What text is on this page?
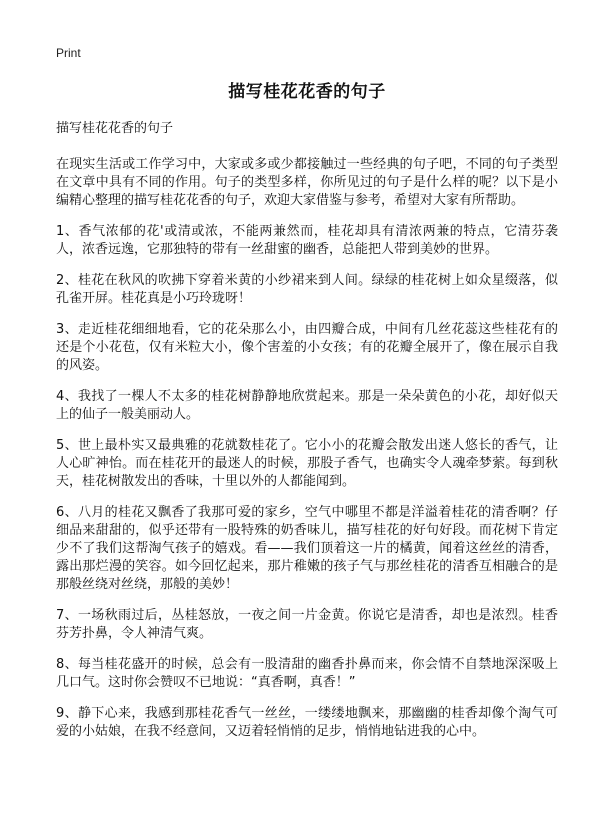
Print
描写桂花花香的句子
描写桂花花香的句子

在现实生活或工作学习中，大家或多或少都接触过一些经典的句子吧，不同的句子类型在文章中具有不同的作用。句子的类型多样，你所见过的句子是什么样的呢？以下是小编精心整理的描写桂花花香的句子，欢迎大家借鉴与参考，希望对大家有所帮助。

1、香气浓郁的花'或清或浓，不能两兼然而，桂花却具有清浓两兼的特点，它清芬袭人，浓香远逸，它那独特的带有一丝甜蜜的幽香，总能把人带到美妙的世界。

2、桂花在秋风的吹拂下穿着米黄的小纱裙来到人间。绿绿的桂花树上如众星缀落，似孔雀开屏。桂花真是小巧玲珑呀！

3、走近桂花细细地看，它的花朵那么小，由四瓣合成，中间有几丝花蕊这些桂花有的还是个小花苞，仅有米粒大小，像个害羞的小女孩；有的花瓣全展开了，像在展示自我的风姿。

4、我找了一棵人不太多的桂花树静静地欣赏起来。那是一朵朵黄色的小花，却好似天上的仙子一般美丽动人。

5、世上最朴实又最典雅的花就数桂花了。它小小的花瓣会散发出迷人悠长的香气，让人心旷神怡。而在桂花开的最迷人的时候，那股子香气，也确实令人魂牵梦萦。每到秋天，桂花树散发出的香味，十里以外的人都能闻到。

6、八月的桂花又飘香了我那可爱的家乡，空气中哪里不都是洋溢着桂花的清香啊？仔细品来甜甜的，似乎还带有一股特殊的奶香味儿，描写桂花的好句好段。而花树下肯定少不了我们这帮淘气孩子的嬉戏。看——我们顶着这一片的橘黄，闻着这丝丝的清香，露出那烂漫的笑容。如今回忆起来，那片稚嫩的孩子气与那丝桂花的清香互相融合的是那般丝绕对丝绕，那般的美妙！

7、一场秋雨过后，丛桂怒放，一夜之间一片金黄。你说它是清香，却也是浓烈。桂香芬芳扑鼻，令人神清气爽。

8、每当桂花盛开的时候，总会有一股清甜的幽香扑鼻而来，你会情不自禁地深深吸上几口气。这时你会赞叹不已地说：“真香啊，真香！”

9、静下心来，我感到那桂花香气一丝丝，一缕缕地飘来，那幽幽的桂香却像个淘气可爱的小姑娘，在我不经意间，又迈着轻悄悄的足步，悄悄地钻进我的心中。
